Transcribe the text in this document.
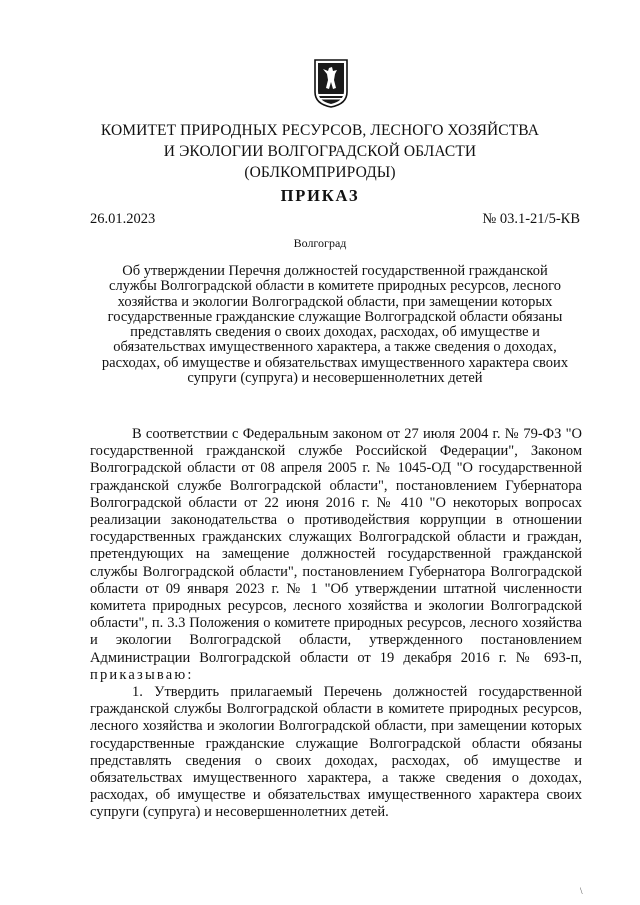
КОМИТЕТ ПРИРОДНЫХ РЕСУРСОВ, ЛЕСНОГО ХОЗЯЙСТВА
И ЭКОЛОГИИ ВОЛГОГРАДСКОЙ ОБЛАСТИ
(ОБЛКОМПРИРОДЫ)
ПРИКАЗ
26.01.2023	№ 03.1-21/5-КВ
Волгоград
Об утверждении Перечня должностей государственной гражданской
службы Волгоградской области в комитете природных ресурсов, лесного
хозяйства и экологии Волгоградской области, при замещении которых
государственные гражданские служащие Волгоградской области обязаны
представлять сведения о своих доходах, расходах, об имуществе и
обязательствах имущественного характера, а также сведения о доходах,
расходах, об имуществе и обязательствах имущественного характера своих
супруги (супруга) и несовершеннолетних детей

В соответствии с Федеральным законом от 27 июля 2004 г. № 79-ФЗ "О государственной гражданской службе Российской Федерации", Законом Волгоградской области от 08 апреля 2005 г. № 1045-ОД "О государственной гражданской службе Волгоградской области", постановлением Губернатора Волгоградской области от 22 июня 2016 г. № 410 "О некоторых вопросах реализации законодательства о противодействия коррупции в отношении государственных гражданских служащих Волгоградской области и граждан, претендующих на замещение должностей государственной гражданской службы Волгоградской области", постановлением Губернатора Волгоградской области от 09 января 2023 г. № 1 "Об утверждении штатной численности комитета природных ресурсов, лесного хозяйства и экологии Волгоградской области", п. 3.3 Положения о комитете природных ресурсов, лесного хозяйства и экологии Волгоградской области, утвержденного постановлением Администрации Волгоградской области от 19 декабря 2016 г. № 693-п, приказываю:

1. Утвердить прилагаемый Перечень должностей государственной гражданской службы Волгоградской области в комитете природных ресурсов, лесного хозяйства и экологии Волгоградской области, при замещении которых государственные гражданские служащие Волгоградской области обязаны представлять сведения о своих доходах, расходах, об имуществе и обязательствах имущественного характера, а также сведения о доходах, расходах, об имуществе и обязательствах имущественного характера своих супруги (супруга) и несовершеннолетних детей.

\
